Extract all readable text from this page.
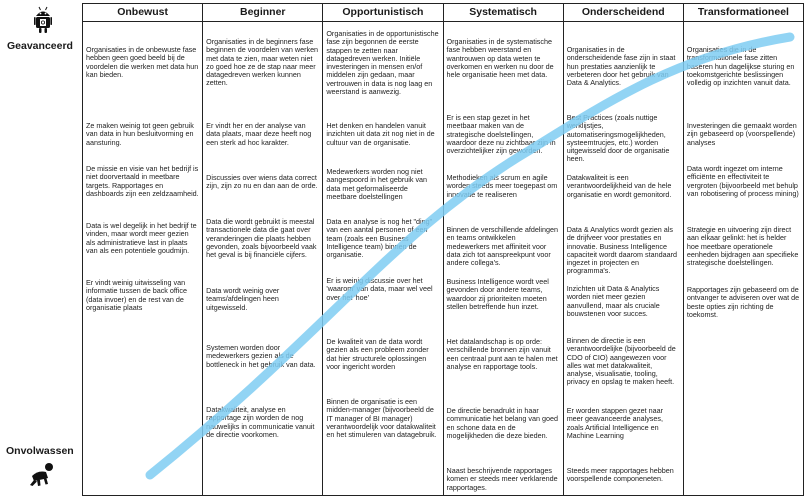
Geavanceerd
Onvolwassen
Onbewust
Organisaties in de onbewuste fase hebben geen goed beeld bij de voordelen die werken met data hun kan bieden.
Ze maken weinig tot geen gebruik van data in hun besluitvorming en aansturing.
De missie en visie van het bedrijf is niet doorvertaald in meetbare targets. Rapportages en dashboards zijn een zeldzaamheid.
Data is wel degelijk in het bedrijf te vinden, maar wordt meer gezien als administratieve last in plaats van als een potentiele goudmijn.
Er vindt weinig uitwisseling van informatie tussen de back office (data invoer) en de rest van de organisatie plaats
Beginner
Organisaties in de beginners fase beginnen de voordelen van werken met data te zien, maar weten niet zo goed hoe ze de stap naar meer datagedreven werken kunnen zetten.
Er vindt her en der analyse van data plaats, maar deze heeft nog een sterk ad hoc karakter.
Discussies over wiens data correct zijn, zijn zo nu en dan aan de orde.
Data die wordt gebruikt is meestal transactionele data die gaat over veranderingen die plaats hebben gevonden, zoals bijvoorbeeld vaak het geval is bij financiële cijfers.
Data wordt weinig over teams/afdelingen heen uitgewisseld.
Systemen worden door medewerkers gezien als de bottleneck in het gebruik van data.
Datakwaliteit, analyse en rapportage zijn worden de nog nauwelijks in communicatie vanuit de directie voorkomen.
Opportunistisch
Organisaties in de opportunistische fase zijn begonnen de eerste stappen te zetten naar datagedreven werken. Initiële investeringen in mensen en/of middelen zijn gedaan, maar vertrouwen in data is nog laag en weerstand is aanwezig.
Het denken en handelen vanuit inzichten uit data zit nog niet in de cultuur van de organisatie.
Medewerkers worden nog niet aangespoord in het gebruik van data met geformaliseerde meetbare doelstellingen
Data en analyse is nog het "ding" van een aantal personen of een team (zoals een Business Intelligence team) binnen de organisatie.
Er is weinig discussie over het 'waarom' van data, maar wel veel over het 'hoe'
De kwaliteit van de data wordt gezien als een probleem zonder dat hier structurele oplossingen voor ingericht worden
Binnen de organisatie is een midden-manager (bijvoorbeeld de IT manager of BI manager) verantwoordelijk voor datakwaliteit en het stimuleren van datagebruik.
Systematisch
Organisaties in de systematische fase hebben weerstand en wantrouwen op data weten te overkomen en werken nu door de hele organisatie heen met data.
Er is een stap gezet in het meetbaar maken van de strategische doelstellingen, waardoor deze nu zichtbaar zijn in overzichtelijker zijn geworden.
Methodieken als scrum en agile worden steeds meer toegepast om innovatie te realiseren
Binnen de verschillende afdelingen en teams ontwikkelen medewerkers met affiniteit voor data zich tot aanspreekpunt voor andere collega's.
Business Intelligence wordt veel gevonden door andere teams, waardoor zij prioriteiten moeten stellen betreffende hun inzet.
Het datalandschap is op orde: verschillende bronnen zijn vanuit een centraal punt aan te halen met analyse en rapportage tools.
De directie benadrukt in haar communicatie het belang van goed en schone data en de mogelijkheden die deze bieden.
Naast beschrijvende rapportages komen er steeds meer verklarende rapportages.
Onderscheidend
Organisaties in de onderscheidende fase zijn in staat hun prestaties aanzienlijk te verbeteren door het gebruik van Data & Analytics.
Best Practices (zoals nuttige werklijstjes, automatiseringsmogelijkheden, systeemtrucjes, etc.) worden uitgewisseld door de organisatie heen.
Datakwaliteit is een verantwoordelijkheid van de hele organisatie en wordt gemonitord.
Data & Analytics wordt gezien als de drijfveer voor prestaties en innovatie. Business Intelligence capaciteit wordt daarom standaard ingezet in projecten en programma's.
Inzichten uit Data & Analytics worden niet meer gezien aanvullend, maar als cruciale bouwstenen voor succes.
Binnen de directie is een verantwoordelijke (bijvoorbeeld de CDO of CIO) aangewezen voor alles wat met datakwaliteit, analyse, visualisatie, tooling, privacy en opslag te maken heeft.
Er worden stappen gezet naar meer geavanceerde analyses, zoals Artificial Intelligence en Machine Learning
Steeds meer rapportages hebben voorspellende componeneten.
Transformationeel
Organisaties die in de transformationele fase zitten baseren hun dagelijkse sturing en toekomstgerichte beslissingen volledig op inzichten vanuit data.
Investeringen die gemaakt worden zijn gebaseerd op (voorspellende) analyses
Data wordt ingezet om interne efficiënte en effectiviteit te vergroten (bijvoorbeeld met behulp van robotisering of process mining)
Strategie en uitvoering zijn direct aan elkaar gelinkt: het is helder hoe meetbare operationele eenheden bijdragen aan specifieke strategische doelstellingen.
Rapportages zijn gebaseerd om de ontvanger te adviseren over wat de beste opties zijn richting de toekomst.
